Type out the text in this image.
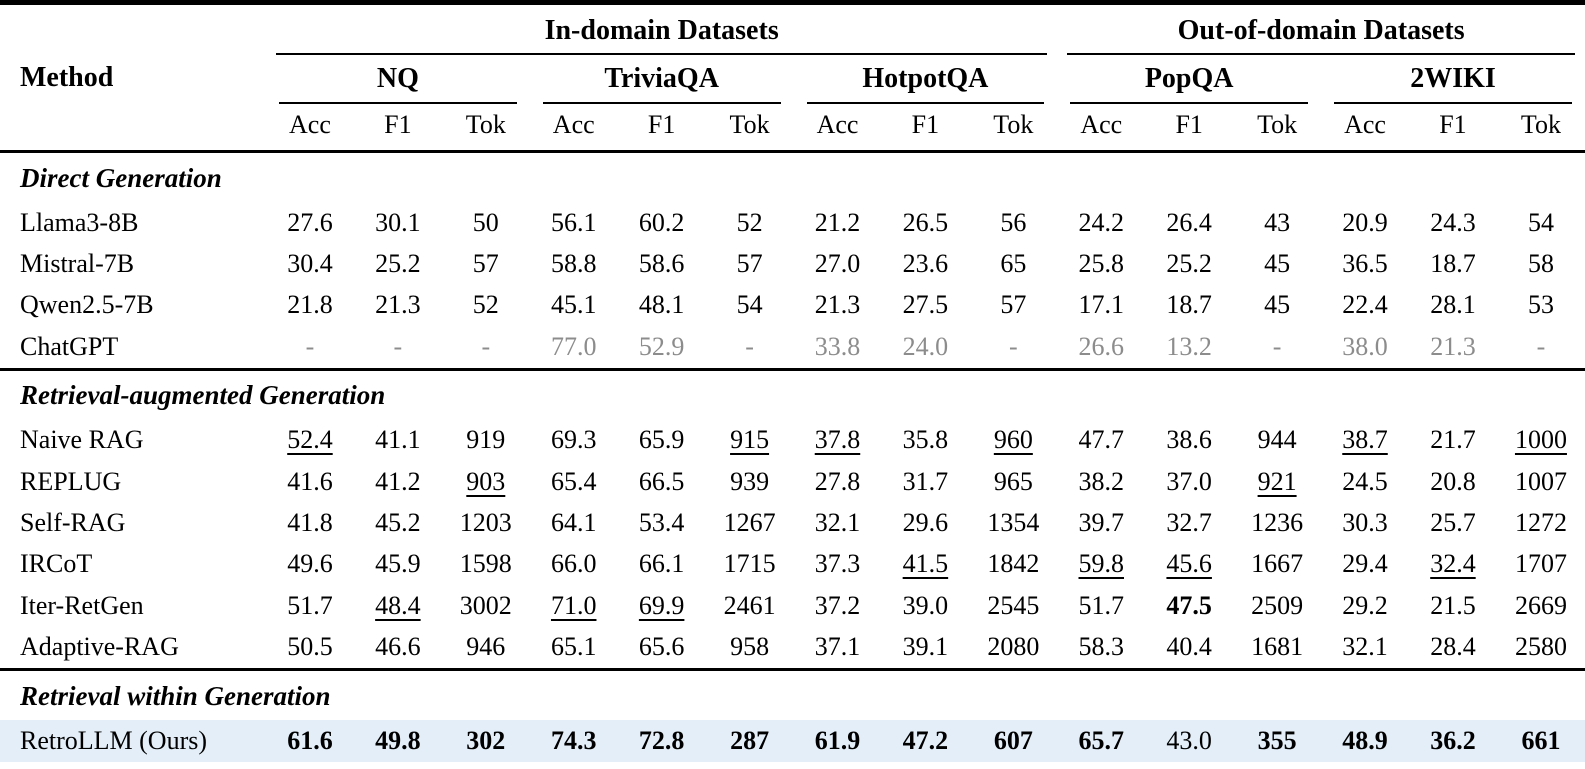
Method	In-domain Datasets									Out-of-domain Datasets					
	NQ			TriviaQA			HotpotQA			PopQA			2WIKI		
	Acc	F1	Tok	Acc	F1	Tok	Acc	F1	Tok	Acc	F1	Tok	Acc	F1	Tok
Direct Generation															
Llama3-8B	27.6	30.1	50	56.1	60.2	52	21.2	26.5	56	24.2	26.4	43	20.9	24.3	54
Mistral-7B	30.4	25.2	57	58.8	58.6	57	27.0	23.6	65	25.8	25.2	45	36.5	18.7	58
Qwen2.5-7B	21.8	21.3	52	45.1	48.1	54	21.3	27.5	57	17.1	18.7	45	22.4	28.1	53
ChatGPT	-	-	-	77.0	52.9	-	33.8	24.0	-	26.6	13.2	-	38.0	21.3	-
Retrieval-augmented Generation															
Naive RAG	52.4	41.1	919	69.3	65.9	915	37.8	35.8	960	47.7	38.6	944	38.7	21.7	1000
REPLUG	41.6	41.2	903	65.4	66.5	939	27.8	31.7	965	38.2	37.0	921	24.5	20.8	1007
Self-RAG	41.8	45.2	1203	64.1	53.4	1267	32.1	29.6	1354	39.7	32.7	1236	30.3	25.7	1272
IRCoT	49.6	45.9	1598	66.0	66.1	1715	37.3	41.5	1842	59.8	45.6	1667	29.4	32.4	1707
Iter-RetGen	51.7	48.4	3002	71.0	69.9	2461	37.2	39.0	2545	51.7	47.5	2509	29.2	21.5	2669
Adaptive-RAG	50.5	46.6	946	65.1	65.6	958	37.1	39.1	2080	58.3	40.4	1681	32.1	28.4	2580
Retrieval within Generation															
RetroLLM (Ours)	61.6	49.8	302	74.3	72.8	287	61.9	47.2	607	65.7	43.0	355	48.9	36.2	661
